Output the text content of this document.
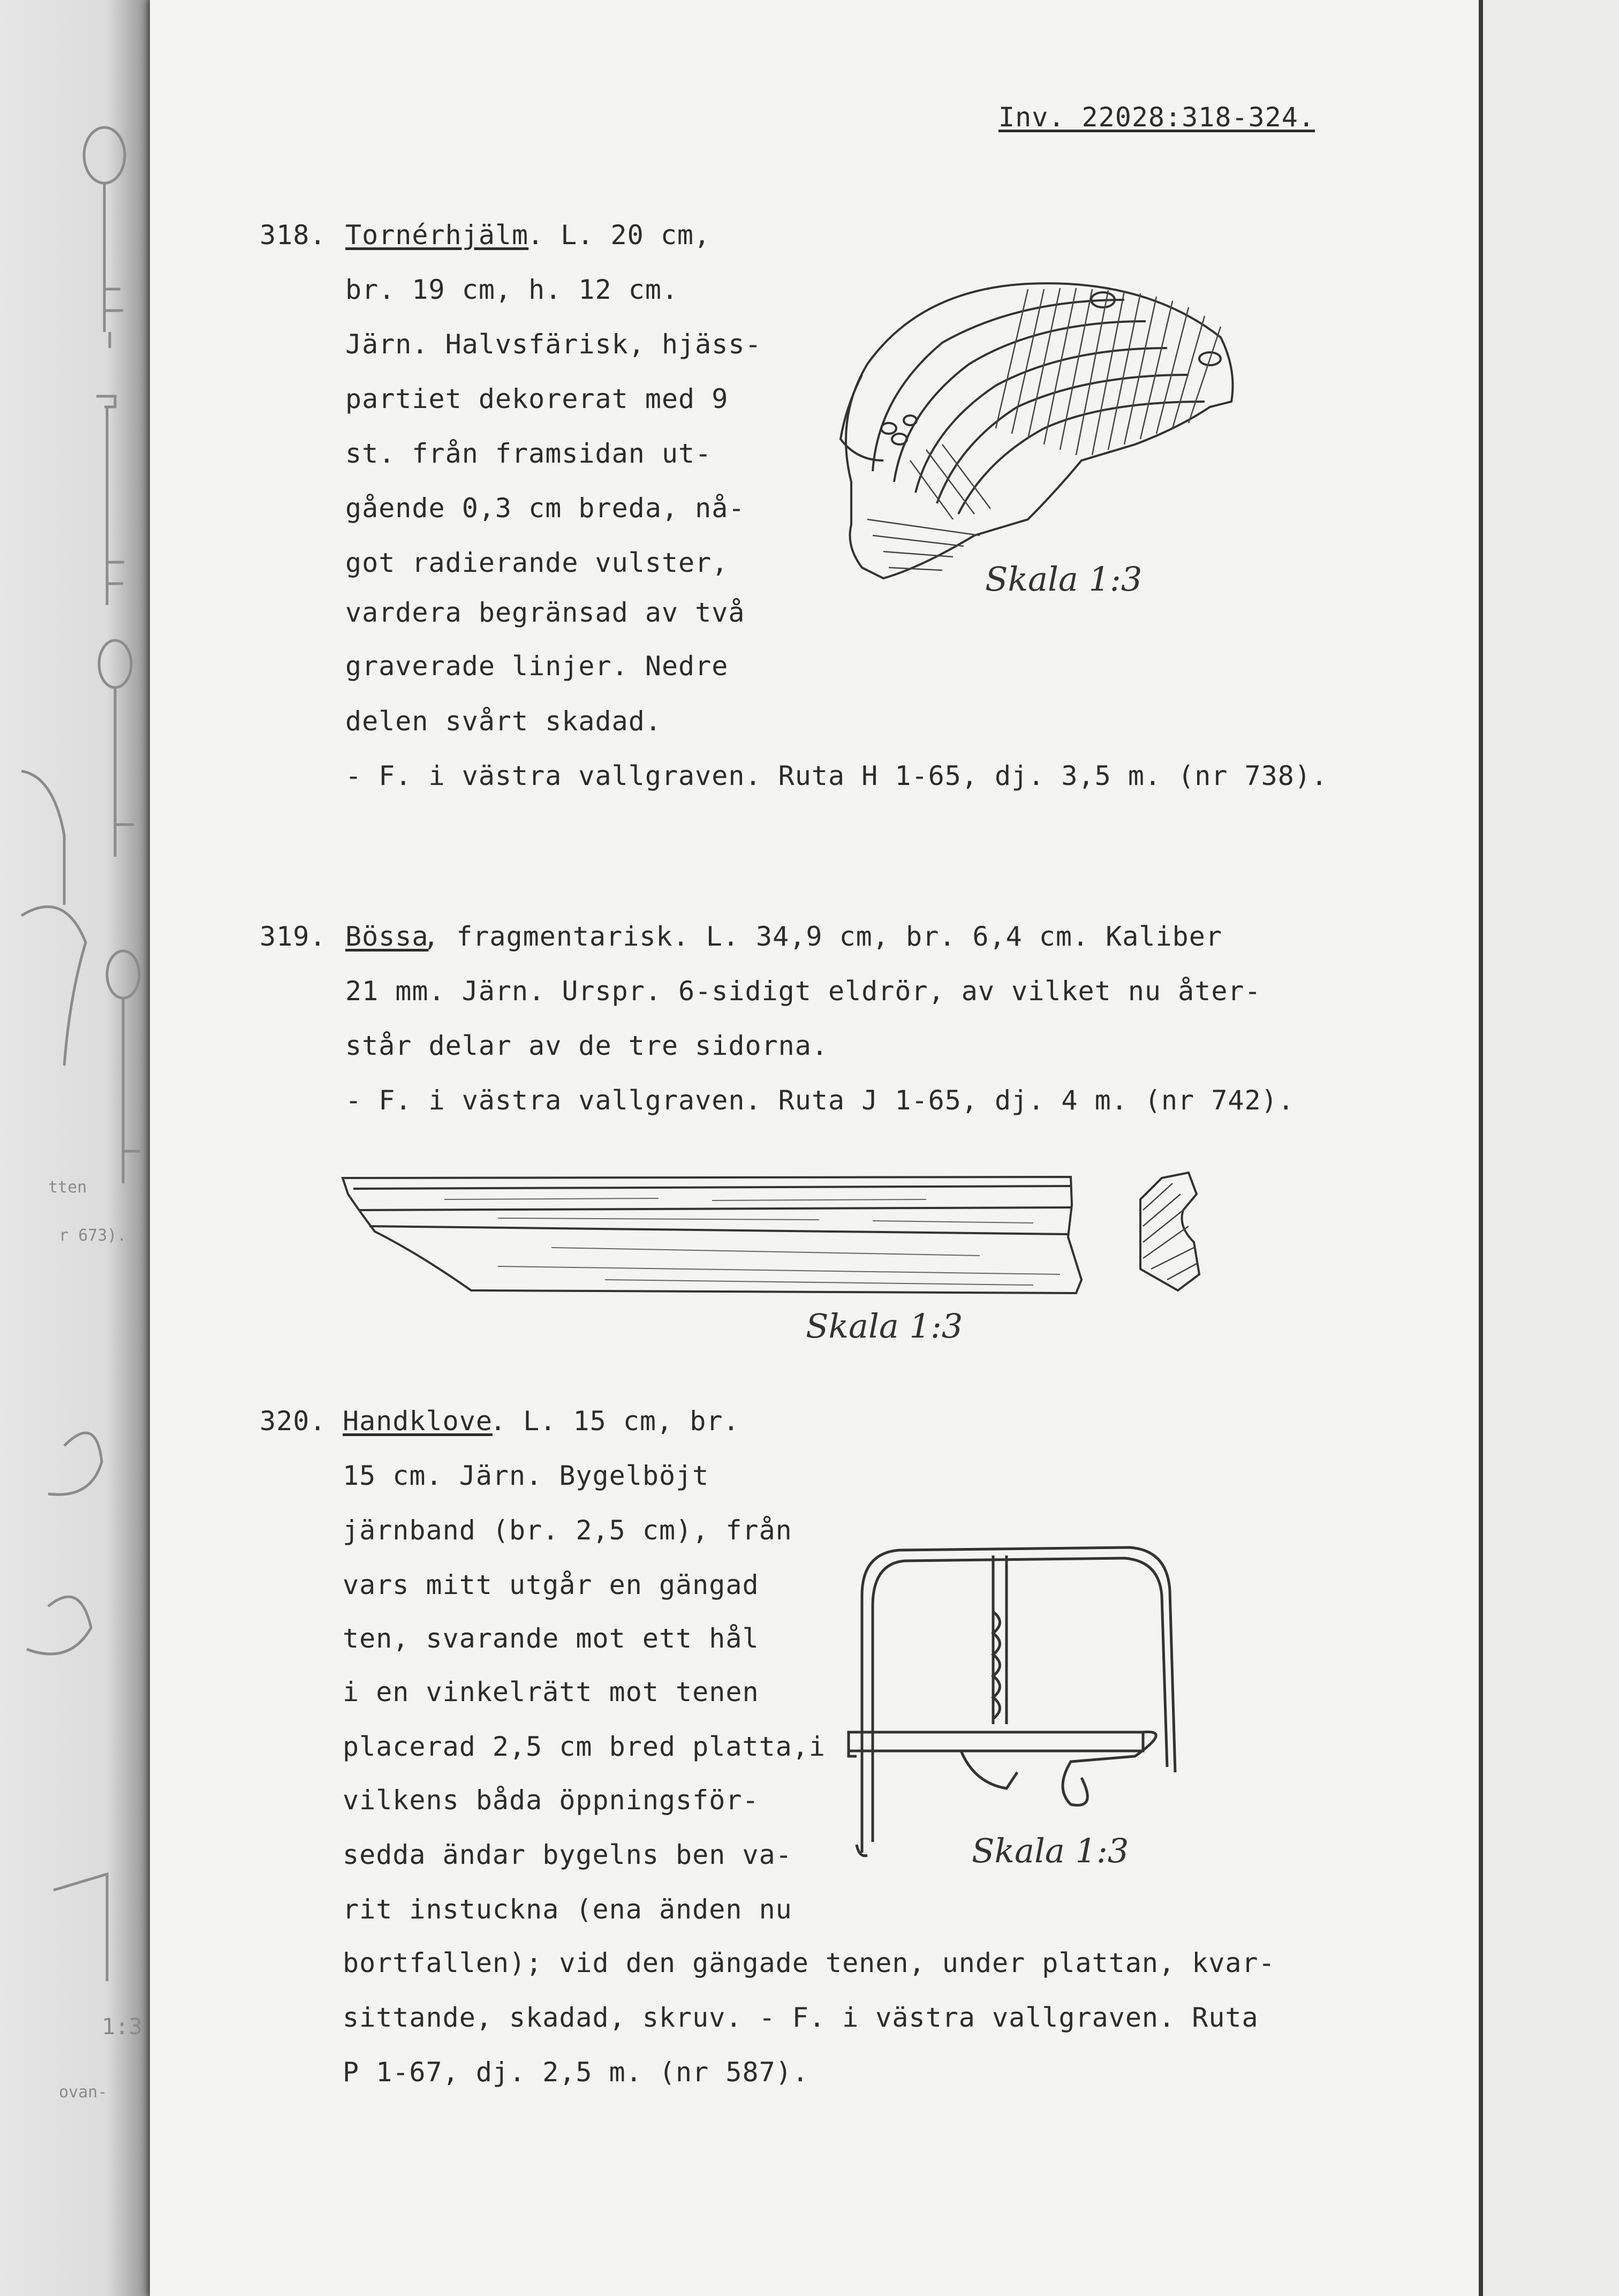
tten
r 673).
1:3
ovan-
Inv. 22028:318-324.
318. Tornérhjälm
. L. 20 cm,
br. 19 cm, h. 12 cm.
Järn. Halvsfärisk, hjäss-
partiet dekorerat med 9
st. från framsidan ut-
gående 0,3 cm breda, nå-
got radierande vulster,
vardera begränsad av två
graverade linjer. Nedre
delen svårt skadad.
- F. i västra vallgraven. Ruta H 1-65, dj. 3,5 m. (nr 738).
Skala 1:3
319. Bössa
, fragmentarisk. L. 34,9 cm, br. 6,4 cm. Kaliber
21 mm. Järn. Urspr. 6-sidigt eldrör, av vilket nu åter-
står delar av de tre sidorna.
- F. i västra vallgraven. Ruta J 1-65, dj. 4 m. (nr 742).
Skala 1:3
320. Handklove
. L. 15 cm, br.
15 cm. Järn. Bygelböjt
järnband (br. 2,5 cm), från
vars mitt utgår en gängad
ten, svarande mot ett hål
i en vinkelrätt mot tenen
placerad 2,5 cm bred platta,i
vilkens båda öppningsför-
sedda ändar bygelns ben va-
rit instuckna (ena änden nu
bortfallen); vid den gängade tenen, under plattan, kvar-
sittande, skadad, skruv. - F. i västra vallgraven. Ruta
P 1-67, dj. 2,5 m. (nr 587).
Skala 1:3
